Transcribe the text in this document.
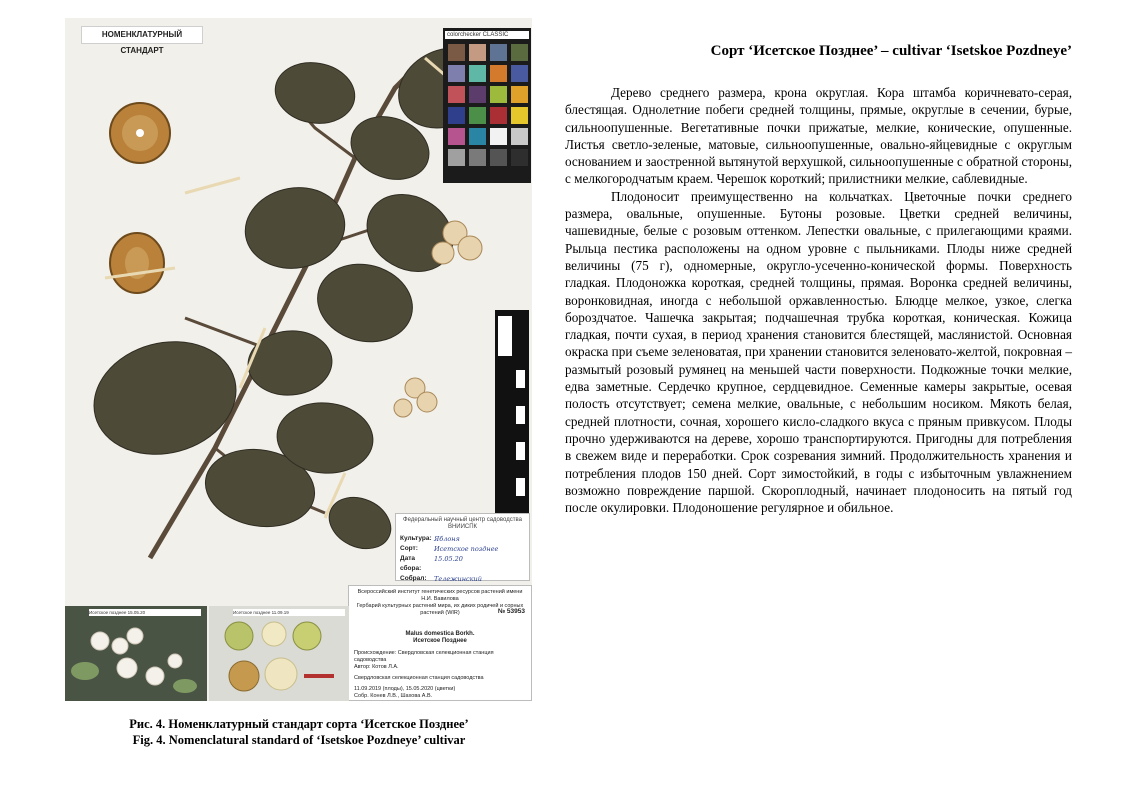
НОМЕНКЛАТУРНЫЙ СТАНДАРТ
colorchecker CLASSIC
Федеральный научный центр садоводства ВНИИСПК
Культура: Яблоня
Сорт:	Исетское позднее
Дата сбора:
15.05.20
Собрал:	Тележинский
Всероссийский институт генетических ресурсов растений имени Н.И. Вавилова
Гербарий культурных растений мира, их диких родичей и сорных растений (WIR)	№ 53953
Malus domestica Borkh.
Исетское Позднее
Происхождение: Свердловская селекционная станция садоводства
Автор: Котов Л.А.
Свердловская селекционная станция садоводства
11.09.2019 (плоды), 15.05.2020 (цветки)
Собр. Конев Л.В., Шахова А.В.
Исетское позднее 15.05.20	Исетское позднее 11.09.19
Рис. 4. Номенклатурный стандарт сорта ‘Исетское Позднее’
Fig. 4. Nomenclatural standard of ‘Isetskoe Pozdneye’ cultivar
Сорт ‘Исетское Позднее’ – cultivar ‘Isetskoe Pozdneye’

Дерево среднего размера, крона округлая. Кора штамба коричневато-серая, блестящая. Однолетние побеги средней толщины, прямые, округлые в сечении, бурые, сильноопушенные. Вегетативные почки прижатые, мелкие, конические, опушенные. Листья светло-зеленые, матовые, сильноопушенные, овально-яйцевидные с округлым основанием и заостренной вытянутой верхушкой, сильноопушенные с обратной стороны, с мелкогородчатым краем. Черешок короткий; прилистники мелкие, саблевидные.

Плодоносит преимущественно на кольчатках. Цветочные почки среднего размера, овальные, опушенные. Бутоны розовые. Цветки средней величины, чашевидные, белые с розовым оттенком. Лепестки овальные, с прилегающими краями. Рыльца пестика расположены на одном уровне с пыльниками. Плоды ниже средней величины (75 г), одномерные, округло-усеченно-конической формы. Поверхность гладкая. Плодоножка короткая, средней толщины, прямая. Воронка средней величины, воронковидная, иногда с небольшой оржавленностью. Блюдце мелкое, узкое, слегка бороздчатое. Чашечка закрытая; подчашечная трубка короткая, коническая. Кожица гладкая, почти сухая, в период хранения становится блестящей, маслянистой. Основная окраска при съеме зеленоватая, при хранении становится зеленовато-желтой, покровная – размытый розовый румянец на меньшей части поверхности. Подкожные точки мелкие, едва заметные. Сердечко крупное, сердцевидное. Семенные камеры закрытые, осевая полость отсутствует; семена мелкие, овальные, с небольшим носиком. Мякоть белая, средней плотности, сочная, хорошего кисло-сладкого вкуса с пряным привкусом. Плоды прочно удерживаются на дереве, хорошо транспортируются. Пригодны для потребления в свежем виде и переработки. Срок созревания зимний. Продолжительность хранения и потребления плодов 150 дней. Сорт зимостойкий, в годы с избыточным увлажнением возможно повреждение паршой. Скороплодный, начинает плодоносить на пятый год после окулировки. Плодоношение регулярное и обильное.
